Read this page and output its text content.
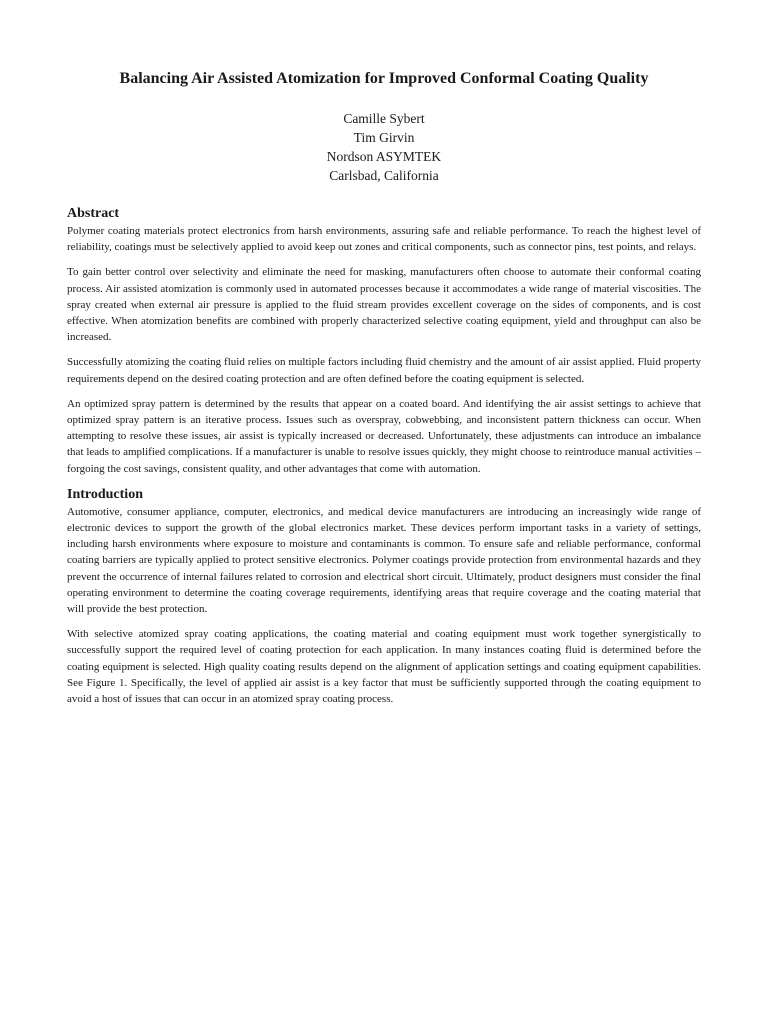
Balancing Air Assisted Atomization for Improved Conformal Coating Quality
Camille Sybert
Tim Girvin
Nordson ASYMTEK
Carlsbad, California
Abstract

Polymer coating materials protect electronics from harsh environments, assuring safe and reliable performance. To reach the highest level of reliability, coatings must be selectively applied to avoid keep out zones and critical components, such as connector pins, test points, and relays.

To gain better control over selectivity and eliminate the need for masking, manufacturers often choose to automate their conformal coating process. Air assisted atomization is commonly used in automated processes because it accommodates a wide range of material viscosities. The spray created when external air pressure is applied to the fluid stream provides excellent coverage on the sides of components, and is cost effective. When atomization benefits are combined with properly characterized selective coating equipment, yield and throughput can also be increased.

Successfully atomizing the coating fluid relies on multiple factors including fluid chemistry and the amount of air assist applied. Fluid property requirements depend on the desired coating protection and are often defined before the coating equipment is selected.

An optimized spray pattern is determined by the results that appear on a coated board. And identifying the air assist settings to achieve that optimized spray pattern is an iterative process. Issues such as overspray, cobwebbing, and inconsistent pattern thickness can occur. When attempting to resolve these issues, air assist is typically increased or decreased. Unfortunately, these adjustments can introduce an imbalance that leads to amplified complications. If a manufacturer is unable to resolve issues quickly, they might choose to reintroduce manual activities – forgoing the cost savings, consistent quality, and other advantages that come with automation.

Introduction

Automotive, consumer appliance, computer, electronics, and medical device manufacturers are introducing an increasingly wide range of electronic devices to support the growth of the global electronics market. These devices perform important tasks in a variety of settings, including harsh environments where exposure to moisture and contaminants is common. To ensure safe and reliable performance, conformal coating barriers are typically applied to protect sensitive electronics. Polymer coatings provide protection from environmental hazards and they prevent the occurrence of internal failures related to corrosion and electrical short circuit. Ultimately, product designers must consider the final operating environment to determine the coating coverage requirements, identifying areas that require coverage and the coating material that will provide the best protection.

With selective atomized spray coating applications, the coating material and coating equipment must work together synergistically to successfully support the required level of coating protection for each application. In many instances coating fluid is determined before the coating equipment is selected. High quality coating results depend on the alignment of application settings and coating equipment capabilities. See Figure 1. Specifically, the level of applied air assist is a key factor that must be sufficiently supported through the coating equipment to avoid a host of issues that can occur in an atomized spray coating process.
